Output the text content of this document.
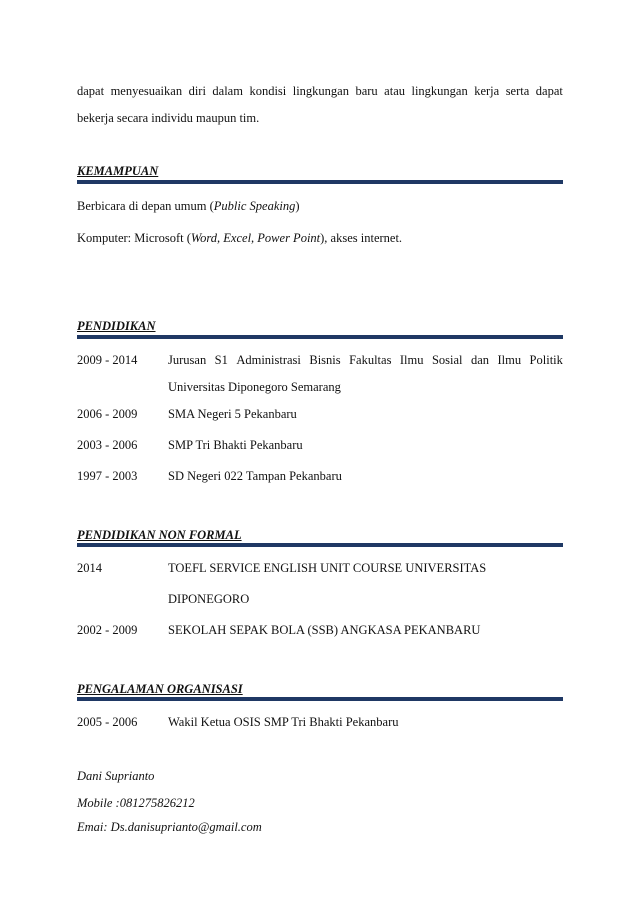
dapat menyesuaikan diri dalam kondisi lingkungan baru atau lingkungan kerja serta dapat
bekerja secara individu maupun tim.
KEMAMPUAN
Berbicara di depan umum (Public Speaking)
Komputer: Microsoft (Word, Excel, Power Point), akses internet.
PENDIDIKAN
2009 - 2014 Jurusan S1 Administrasi Bisnis Fakultas Ilmu Sosial dan Ilmu Politik
Universitas Diponegoro Semarang
2006 - 2009 SMA Negeri 5 Pekanbaru
2003 - 2006 SMP Tri Bhakti Pekanbaru
1997 - 2003 SD Negeri 022 Tampan Pekanbaru
PENDIDIKAN NON FORMAL
2014	TOEFL SERVICE ENGLISH UNIT COURSE UNIVERSITAS
DIPONEGORO
2002 - 2009 SEKOLAH SEPAK BOLA (SSB) ANGKASA PEKANBARU
PENGALAMAN ORGANISASI
2005 - 2006 Wakil Ketua OSIS SMP Tri Bhakti Pekanbaru
Dani Suprianto
Mobile :081275826212
Emai: Ds.danisuprianto@gmail.com
